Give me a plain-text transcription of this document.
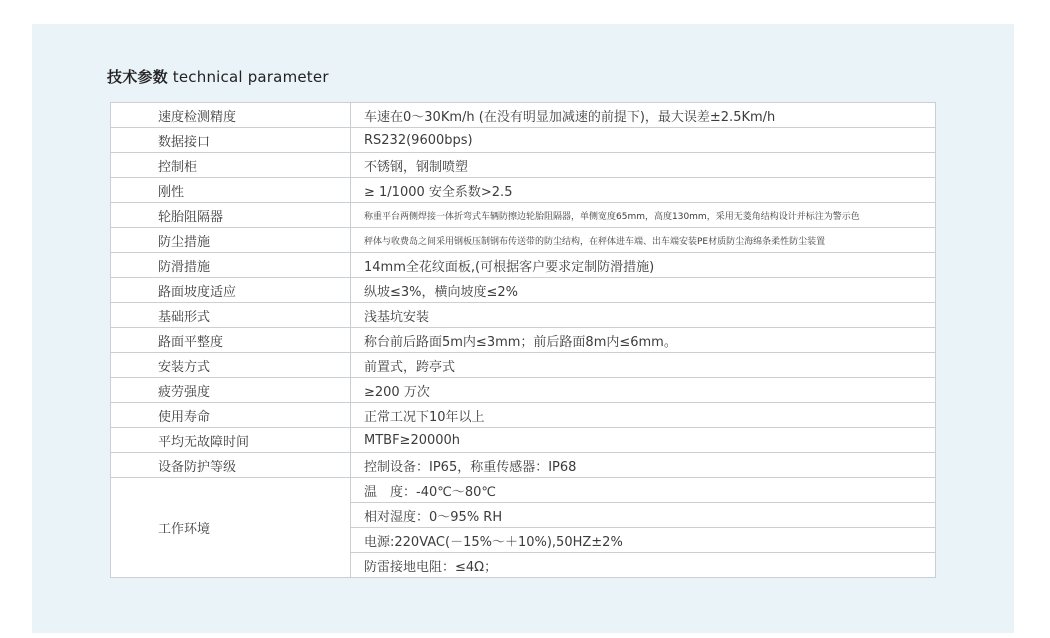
技术参数 technical parameter
速度检测精度	车速在0～30Km/h (在没有明显加减速的前提下)，最大误差±2.5Km/h
数据接口	RS232(9600bps)
控制柜	不锈钢，钢制喷塑
刚性	≥ 1/1000 安全系数>2.5
轮胎阻隔器	称重平台两侧焊接一体折弯式车辆防擦边轮胎阻隔器，单侧宽度65mm，高度130mm，采用无菱角结构设计并标注为警示色
防尘措施	秤体与收费岛之间采用钢板压制钢布传送带的防尘结构，在秤体进车端、出车端安装PE材质防尘海绵条柔性防尘装置
防滑措施	14mm全花纹面板,(可根据客户要求定制防滑措施)
路面坡度适应	纵坡≤3%，横向坡度≤2%
基础形式	浅基坑安装
路面平整度	称台前后路面5m内≤3mm；前后路面8m内≤6mm。
安装方式	前置式，跨亭式
疲劳强度	≥200 万次
使用寿命	正常工况下10年以上
平均无故障时间	MTBF≥20000h
设备防护等级	控制设备：IP65，称重传感器：IP68
工作环境	温　度：-40℃～80℃
	相对湿度：0～95% RH
	电源:220VAC(－15%～＋10%),50HZ±2%
	防雷接地电阻：≤4Ω；
